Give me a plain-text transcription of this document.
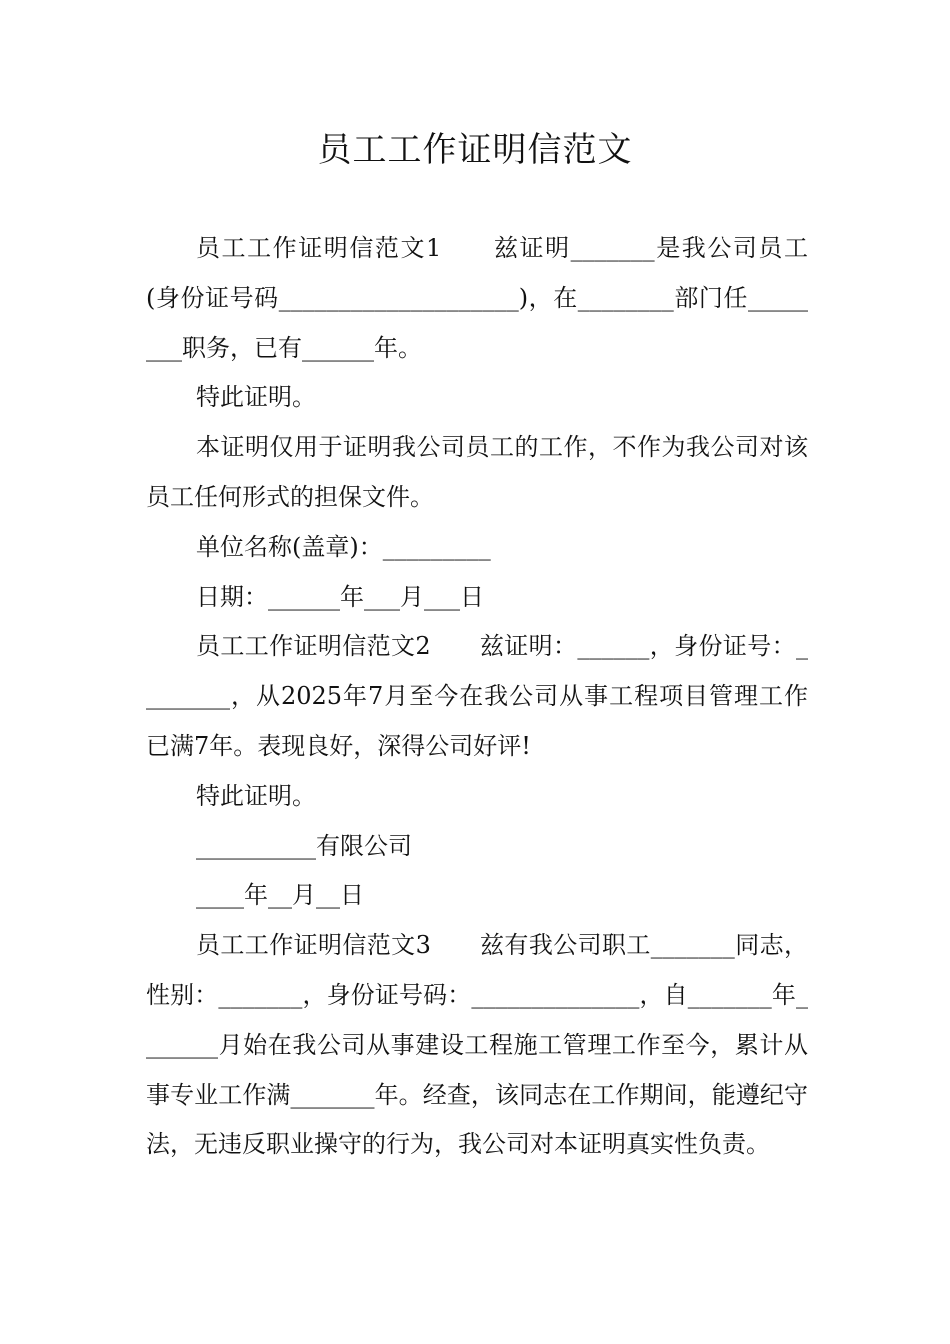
员工工作证明信范文

员工工作证明信范文1　　兹证明_______是我公司员工(身份证号码____________________)，在________部门任________职务，已有______年。

特此证明。

本证明仅用于证明我公司员工的工作，不作为我公司对该员工任何形式的担保文件。

单位名称(盖章)：_________

日期：______年___月___日

员工工作证明信范文2　　兹证明：______，身份证号：________，从2025年7月至今在我公司从事工程项目管理工作已满7年。表现良好，深得公司好评!

特此证明。

__________有限公司

____年__月__日

员工工作证明信范文3　　兹有我公司职工_______同志，性别：_______，身份证号码：______________，自_______年_______月始在我公司从事建设工程施工管理工作至今，累计从事专业工作满_______年。经查，该同志在工作期间，能遵纪守法，无违反职业操守的行为，我公司对本证明真实性负责。
